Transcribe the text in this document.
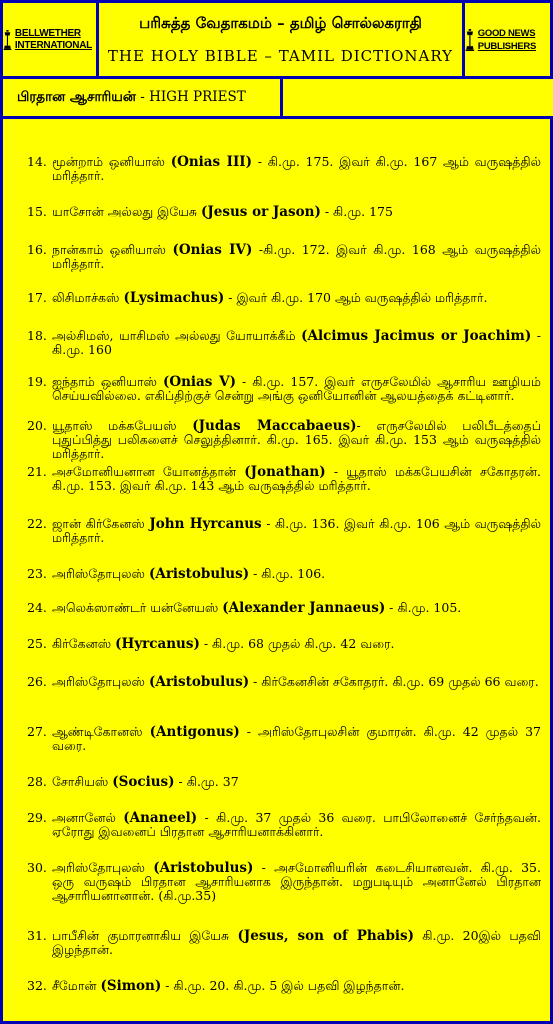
BELLWETHER INTERNATIONAL
பரிசுத்த வேதாகமம் – தமிழ் சொல்லகராதி
THE HOLY BIBLE – TAMIL DICTIONARY
GOOD NEWS PUBLISHERS
பிரதான ஆசாரியன் - HIGH PRIEST
14. மூன்றாம் ஒனியாஸ் (Onias III) - கி.மு. 175. இவர் கி.மு. 167 ஆம் வருஷத்தில் மரித்தார்.
15. யாசோன் அல்லது இயேசு (Jesus or Jason) - கி.மு. 175
16. நான்காம் ஒனியாஸ் (Onias IV) -கி.மு. 172. இவர் கி.மு. 168 ஆம் வருஷத்தில் மரித்தார்.
17. லிசிமாச்கஸ் (Lysimachus) - இவர் கி.மு. 170 ஆம் வருஷத்தில் மரித்தார்.
18. அல்சிமஸ், யாசிமஸ் அல்லது யோயாக்கீம் (Alcimus Jacimus or Joachim) - கி.மு. 160
19. ஐந்தாம் ஒனியாஸ் (Onias V) - கி.மு. 157. இவர் எருசலேமில் ஆசாரிய ஊழியம் செய்யவில்லை. எகிப்திற்குச் சென்று அங்கு ஒனியோனின் ஆலயத்தைக் கட்டினார்.
20. யூதாஸ் மக்கபேயஸ் (Judas Maccabaeus)- எருசலேமில் பலிபீடத்தைப் புதுப்பித்து பலிகளைச் செலுத்தினார். கி.மு. 165. இவர் கி.மு. 153 ஆம் வருஷத்தில் மரித்தார்.
21. அசமோனியனான யோனத்தான் (Jonathan) - யூதாஸ் மக்கபேயசின் சகோதரன். கி.மு. 153. இவர் கி.மு. 143 ஆம் வருஷத்தில் மரித்தார்.
22. ஜான் கிர்கேனஸ் John Hyrcanus - கி.மு. 136. இவர் கி.மு. 106 ஆம் வருஷத்தில் மரித்தார்.
23. அரிஸ்தோபுலஸ் (Aristobulus) - கி.மு. 106.
24. அலெக்ஸாண்டர் யன்னேயஸ் (Alexander Jannaeus) - கி.மு. 105.
25. கிர்கேனஸ் (Hyrcanus) - கி.மு. 68 முதல் கி.மு. 42 வரை.
26. அரிஸ்தோபுலஸ் (Aristobulus) - கிர்கேனசின் சகோதரர். கி.மு. 69 முதல் 66 வரை.
27. ஆண்டிகோனஸ் (Antigonus) - அரிஸ்தோபுலசின் குமாரன். கி.மு. 42 முதல் 37 வரை.
28. சோசியஸ் (Socius) - கி.மு. 37
29. அனானேல் (Ananeel) - கி.மு. 37 முதல் 36 வரை. பாபிலோனைச் சேர்ந்தவன். ஏரோது இவனைப் பிரதான ஆசாரியனாக்கினார்.
30. அரிஸ்தோபுலஸ் (Aristobulus) - அசமோனியரின் கடைசியானவன். கி.மு. 35. ஒரு வருஷம் பிரதான ஆசாரியனாக இருந்தான். மறுபடியும் அனானேல் பிரதான ஆசாரியனானான். (கி.மு.35)
31. பாபீசின் குமாரனாகிய இயேசு (Jesus, son of Phabis) கி.மு. 20இல் பதவி இழந்தான்.
32. சீமோன் (Simon) - கி.மு. 20. கி.மு. 5 இல் பதவி இழந்தான்.
